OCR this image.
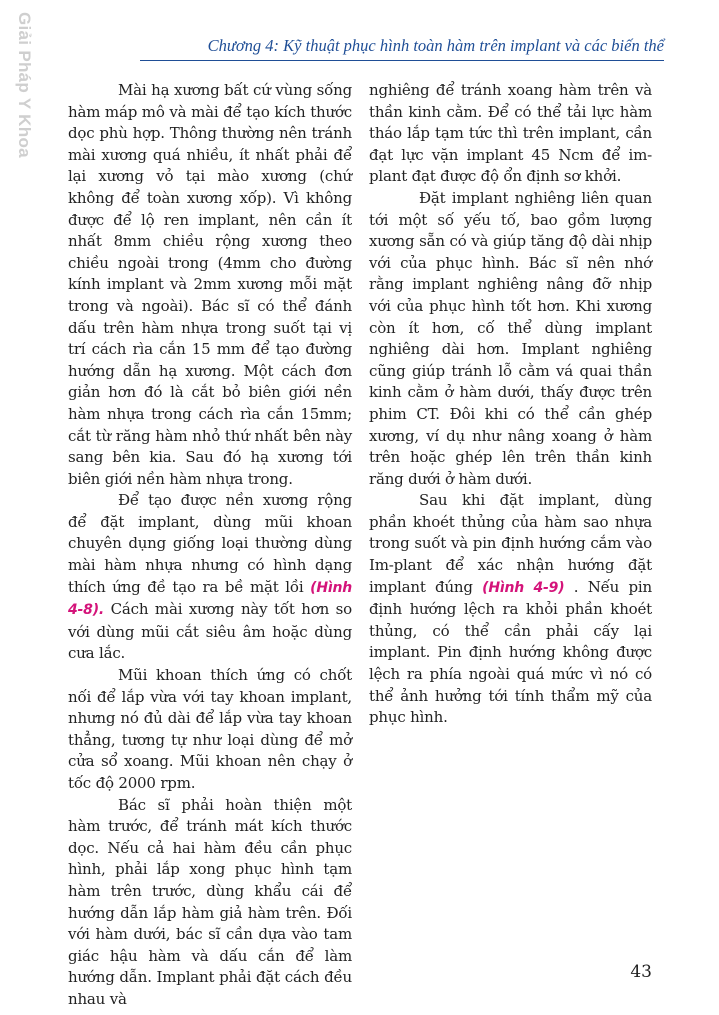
Giải Pháp Y Khoa	Chương 4: Kỹ thuật phục hình toàn hàm trên implant và các biến thể

Mài hạ xương bất cứ vùng sống hàm máp mô và mài để tạo kích thước dọc phù hợp. Thông thường nên tránh mài xương quá nhiều, ít nhất phải để lại xương vỏ tại mào xương (chứ không để toàn xương xốp). Vì không được để lộ ren implant, nên cần ít nhất 8mm chiều rộng xương theo chiều ngoài trong (4mm cho đường kính implant và 2mm xương mỗi mặt trong và ngoài). Bác sĩ có thể đánh dấu trên hàm nhựa trong suốt tại vị trí cách rìa cắn 15 mm để tạo đường hướng dẫn hạ xương. Một cách đơn giản hơn đó là cắt bỏ biên giới nền hàm nhựa trong cách rìa cắn 15mm; cắt từ răng hàm nhỏ thứ nhất bên này sang bên kia. Sau đó hạ xương tới biên giới nền hàm nhựa trong.

Để tạo được nền xương rộng để đặt implant, dùng mũi khoan chuyên dụng giống loại thường dùng mài hàm nhựa nhưng có hình dạng thích ứng đề tạo ra bề mặt lồi (Hình 4-8). Cách mài xương này tốt hơn so với dùng mũi cắt siêu âm hoặc dùng cưa lắc.

Mũi khoan thích ứng có chốt nối để lắp vừa với tay khoan implant, nhưng nó đủ dài để lắp vừa tay khoan thẳng, tương tự như loại dùng để mở cửa sổ xoang. Mũi khoan nên chạy ở tốc độ 2000 rpm.

Bác sĩ phải hoàn thiện một hàm trước, để tránh mát kích thước dọc. Nếu cả hai hàm đều cần phục hình, phải lắp xong phục hình tạm hàm trên trước, dùng khẩu cái để hướng dẫn lắp hàm giả hàm trên. Đối với hàm dưới, bác sĩ cần dựa vào tam giác hậu hàm và dấu cắn để làm hướng dẫn. Implant phải đặt cách đều nhau và

nghiêng để tránh xoang hàm trên và thần kinh cằm. Để có thể tải lực hàm tháo lắp tạm tức thì trên implant, cần đạt lực vặn implant 45 Ncm để im-plant đạt được độ ổn định sơ khởi.

Đặt implant nghiêng liên quan tới một số yếu tố, bao gồm lượng xương sẵn có và giúp tăng độ dài nhịp với của phục hình. Bác sĩ nên nhớ rằng implant nghiêng nâng đỡ nhịp với của phục hình tốt hơn. Khi xương còn ít hơn, cố thể dùng implant nghiêng dài hơn. Implant nghiêng cũng giúp tránh lỗ cằm vá quai thần kinh cằm ở hàm dưới, thấy được trên phim CT. Đôi khi có thể cần ghép xương, ví dụ như nâng xoang ở hàm trên hoặc ghép lên trên thần kinh răng dưới ở hàm dưới.

Sau khi đặt implant, dùng phần khoét thủng của hàm sao nhựa trong suốt và pin định hướng cắm vào Im-plant để xác nhận hướng đặt implant đúng (Hình 4-9) . Nếu pin định hướng lệch ra khỏi phần khoét thủng, có thể cần phải cấy lại implant. Pin định hướng không được lệch ra phía ngoài quá mức vì nó có thể ảnh hưởng tới tính thẩm mỹ của phục hình.

43
